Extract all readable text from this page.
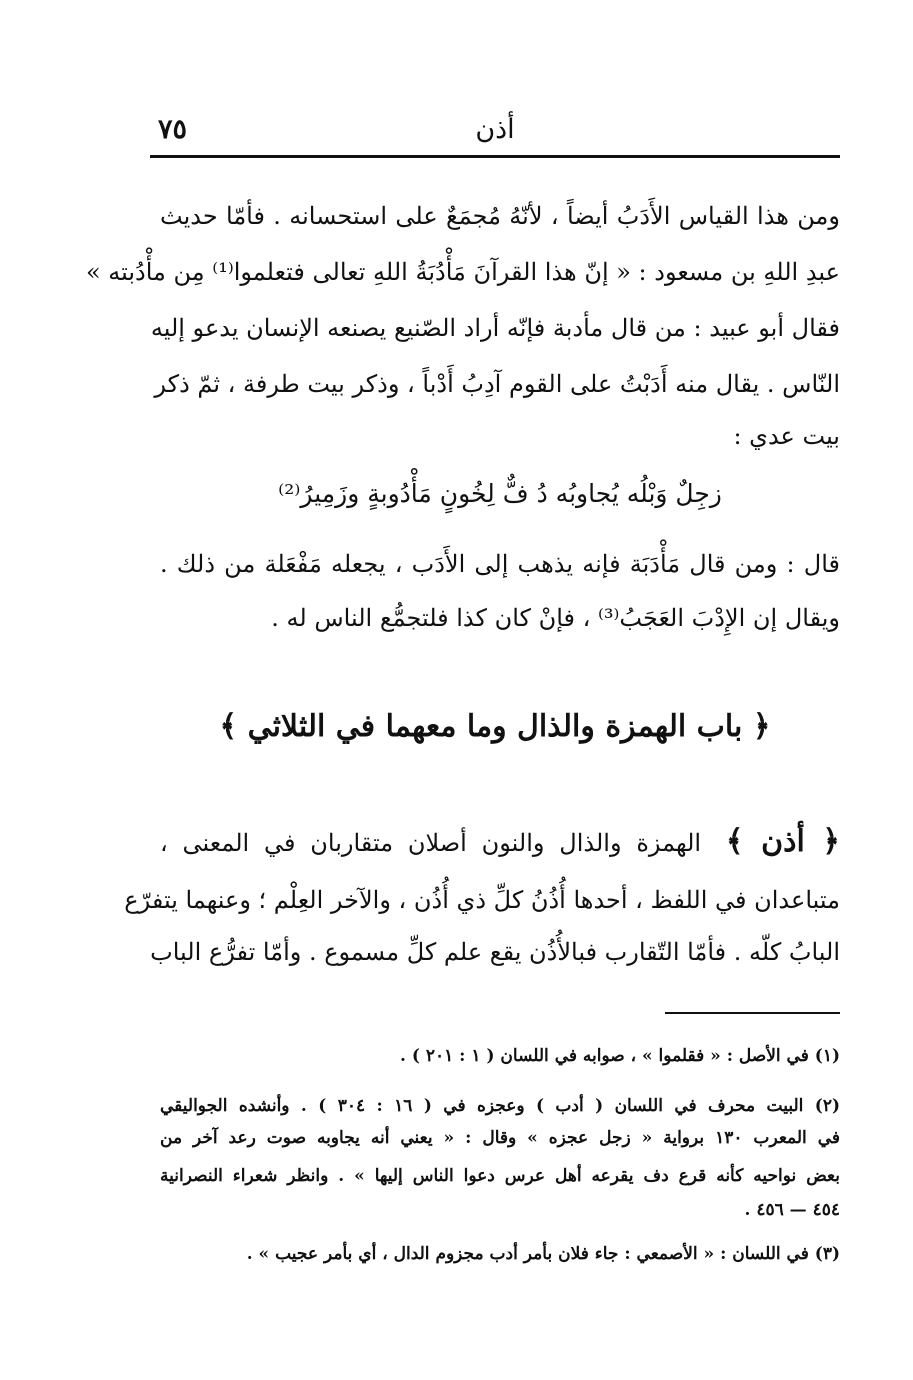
٧٥	أذن
ومن هذا القياس الأَدَبُ أيضاً ، لأنّهُ مُجمَعٌ على استحسانه . فأمّا حديث
عبدِ اللهِ بن مسعود : « إنّ هذا القرآنَ مَأْدُبَةُ اللهِ تعالى فتعلموا⁽¹⁾ مِن مأْدُبته »
فقال أبو عبيد : من قال مأدبة فإنّه أراد الصّنيع يصنعه الإنسان يدعو إليه
النّاس . يقال منه أَدَبْتُ على القوم آدِبُ أَدْباً ، وذكر بيت طرفة ، ثمّ ذكر
بيت عدي :
زجِلٌ وَبْلُه يُجاوبُه دُ فٌّ لِخُونٍ مَأْدُوبةٍ وزَمِيرُ⁽²⁾
قال : ومن قال مَأْدَبَة فإنه يذهب إلى الأَدَب ، يجعله مَفْعَلة من ذلك .
ويقال إن الإِدْبَ العَجَبُ⁽³⁾ ، فإنْ كان كذا فلتجمُّع الناس له .
﴿ باب الهمزة والذال وما معهما في الثلاثي ﴾
﴿ أذن ﴾ الهمزة والذال والنون أصلان متقاربان في المعنى ،
متباعدان في اللفظ ، أحدها أُذُنُ كلِّ ذي أُذُن ، والآخر العِلْم ؛ وعنهما يتفرّع
البابُ كلّه . فأمّا التّقارب فبالأُذُن يقع علم كلِّ مسموع . وأمّا تفرُّع الباب
(١) في الأصل : « فقلموا » ، صوابه في اللسان ( ١ : ٢٠١ ) .
(٢) البيت محرف في اللسان ( أدب ) وعجزه في ( ١٦ : ٣٠٤ ) . وأنشده الجواليقي
في المعرب ١٣٠ برواية « زجل عجزه » وقال : « يعني أنه يجاوبه صوت رعد آخر من
بعض نواحيه كأنه قرع دف يقرعه أهل عرس دعوا الناس إليها » . وانظر شعراء النصرانية
٤٥٤ — ٤٥٦ .
(٣) في اللسان : « الأصمعي : جاء فلان بأمر أدب مجزوم الدال ، أي بأمر عجيب » .
